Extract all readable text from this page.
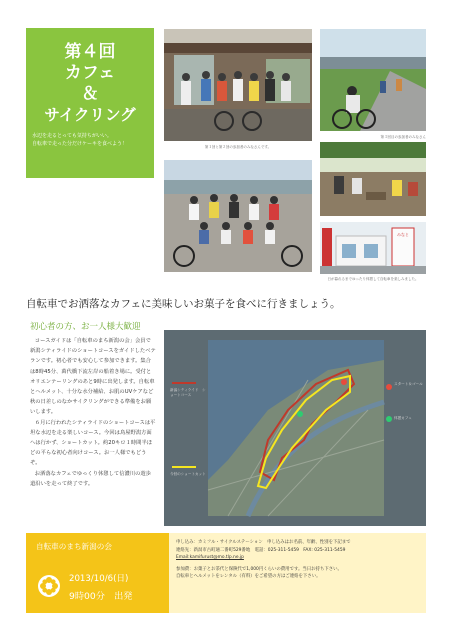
第４回
カフェ
＆
サイクリング
水辺を走るとっても気持ちがいい。
自転車で走った分だけケーキを食べよう！	第１回と第２回の参加者のみなさんです。
第３回目の参加者のみなさん
みなと
日が暮れるまでゆったり休憩して自転車を楽しみました。
自転車でお洒落なカフェに美味しいお菓子を食べに行きましょう。
初心者の方、お一人様大歓迎

コースガイドは「自転車のまち新潟の会」会員で新潟シティライドのショートコースをガイドしたベテランです。初心者でも安心して参加できます。集合は8時45分、萬代橋下流左岸の船着き場に。受付とオリエンテーリングのあと9時に出発します。自転車とヘルメット、十分な水分補給、お肌のUVケアなど秋の日差しのなかサイクリングができる準備をお願いします。

６月に行われたシティライドのショートコースは平坦な水辺を走る楽しいコース。今回は鳥屋野潟方面へは行かず、ショートカット。約20キロ１時間半ほどの平らな初心者向けコース。お一人様でもどうぞ。

お洒落なカフェでゆっくり休憩して信濃川の遊歩道沿いを走って終了です。

新潟シティライド　ショートコース
今回のショートカット
スタート＆ゴール
休憩カフェ
自転車のまち新潟の会
2013/10/6(日)
9時00分　出発
申し込み：カミフル・サイクルステーション　申し込みはお名前、年齢、性別を下記まで
連絡先：新潟市古町通二番町529番地　電話：025-311-5459　FAX: 025-311-5459
Email:kamifurust@mo.tlp.ne.jp
参加費：お菓子とお茶代と保険代で1,000円くらいの費用です。当日お持ち下さい。
自転車とヘルメットをレンタル（有料）をご希望の方はご連絡を下さい。
